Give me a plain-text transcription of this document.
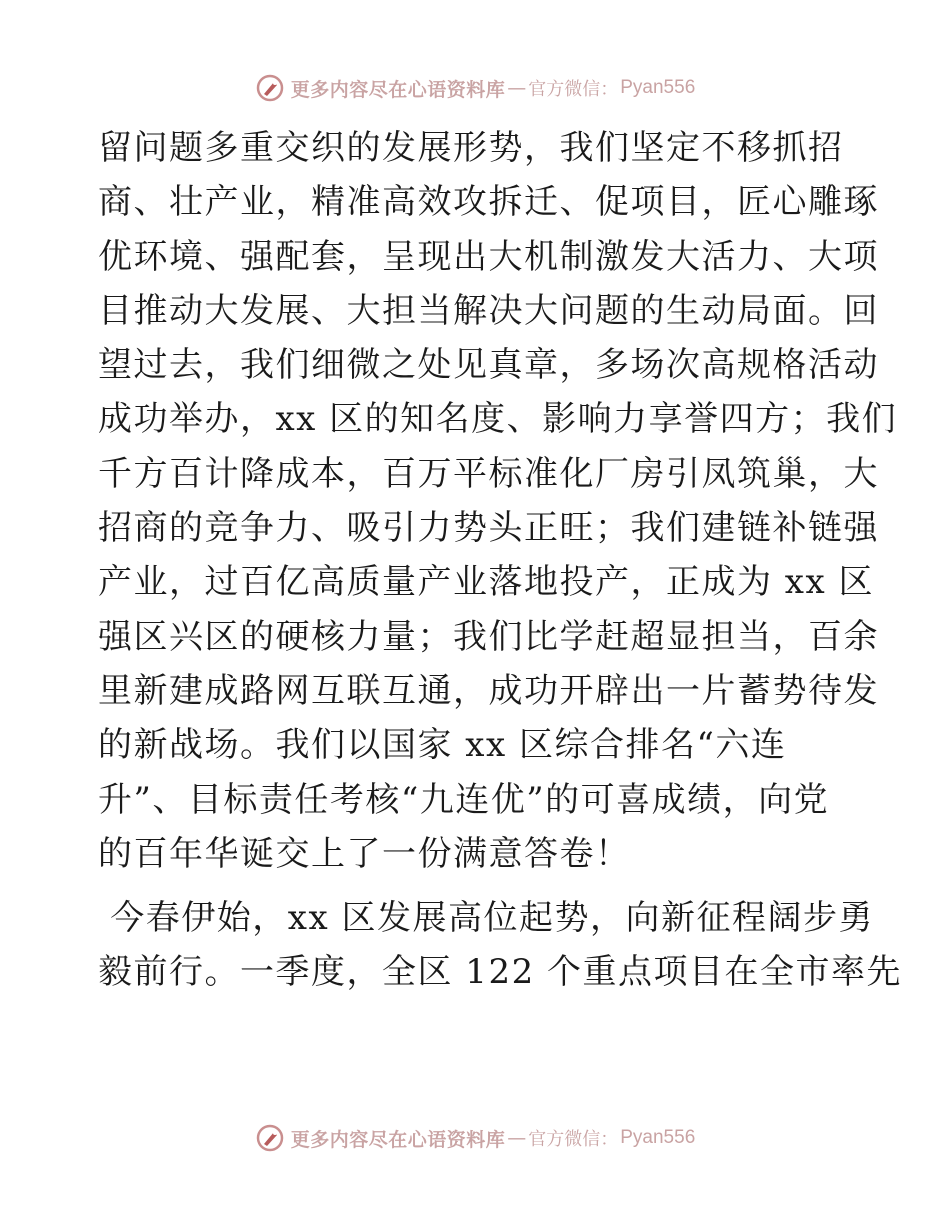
更多内容尽在心语资料库 — 官方微信： Pyan556
留问题多重交织的发展形势，我们坚定不移抓招
商、壮产业，精准高效攻拆迁、促项目，匠心雕琢
优环境、强配套，呈现出大机制激发大活力、大项
目推动大发展、大担当解决大问题的生动局面。回
望过去，我们细微之处见真章，多场次高规格活动
成功举办，xx 区的知名度、影响力享誉四方；我们
千方百计降成本，百万平标准化厂房引凤筑巢，大
招商的竞争力、吸引力势头正旺；我们建链补链强
产业，过百亿高质量产业落地投产，正成为 xx 区
强区兴区的硬核力量；我们比学赶超显担当，百余
里新建成路网互联互通，成功开辟出一片蓄势待发
的新战场。我们以国家 xx 区综合排名“六连
升”、目标责任考核“九连优”的可喜成绩，向党
的百年华诞交上了一份满意答卷！
今春伊始，xx 区发展高位起势，向新征程阔步勇
毅前行。一季度，全区 122 个重点项目在全市率先
更多内容尽在心语资料库 — 官方微信： Pyan556
